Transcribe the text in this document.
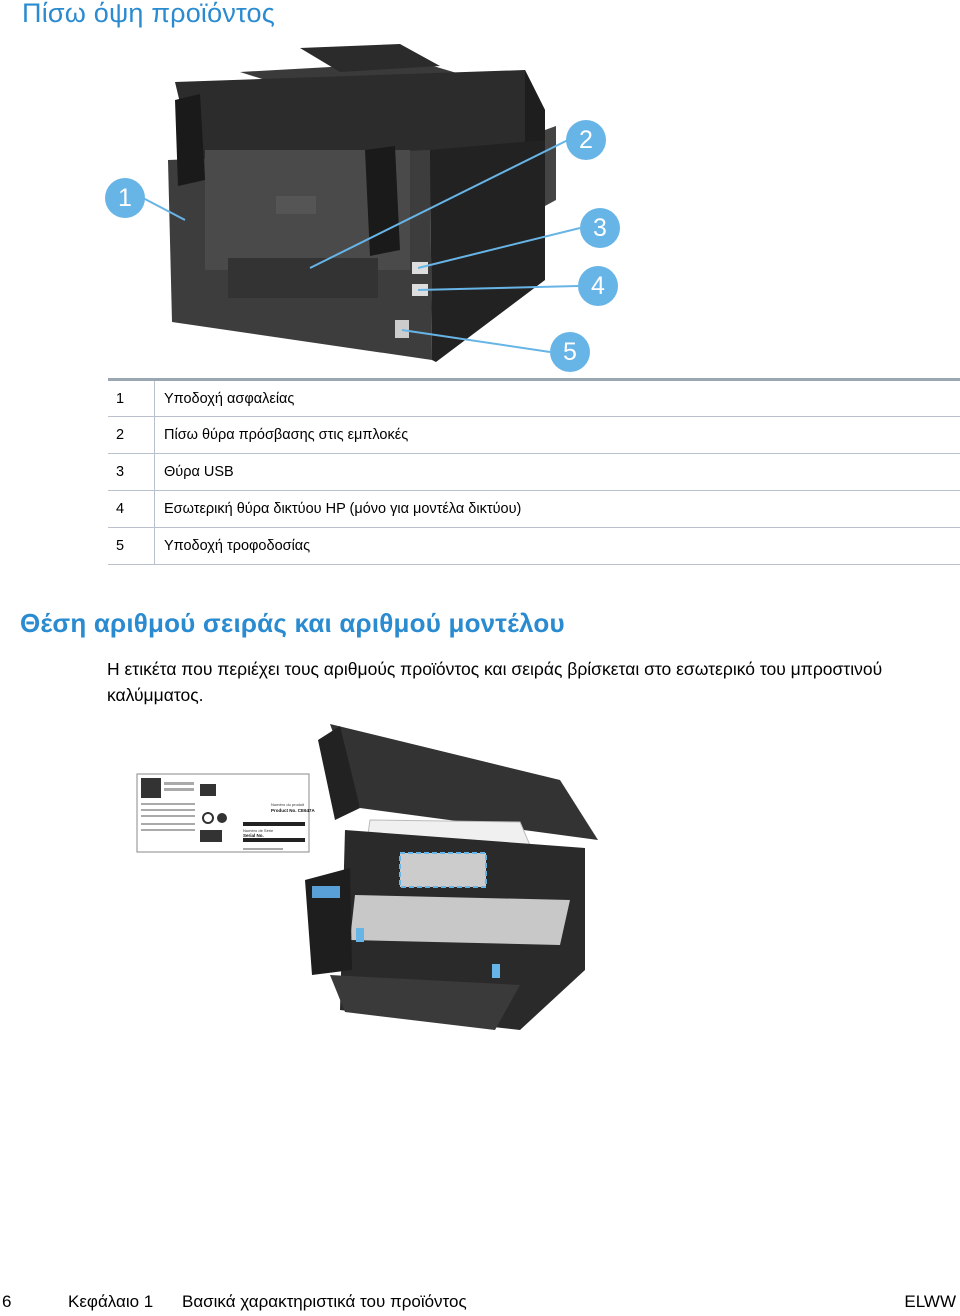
Πίσω όψη προϊόντος
1
2
3
4
5
1	Υποδοχή ασφαλείας
2	Πίσω θύρα πρόσβασης στις εμπλοκές
3	Θύρα USB
4	Εσωτερική θύρα δικτύου HP (μόνο για μοντέλα δικτύου)
5	Υποδοχή τροφοδοσίας
Θέση αριθμού σειράς και αριθμού μοντέλου

Η ετικέτα που περιέχει τους αριθμούς προϊόντος και σειράς βρίσκεται στο εσωτερικό του μπροστινού καλύμματος.

Numéro du produit
Product No. CE647A
Numéro de Série
Serial No.
6	Κεφάλαιο 1 Βασικά χαρακτηριστικά του προϊόντος	ELWW
